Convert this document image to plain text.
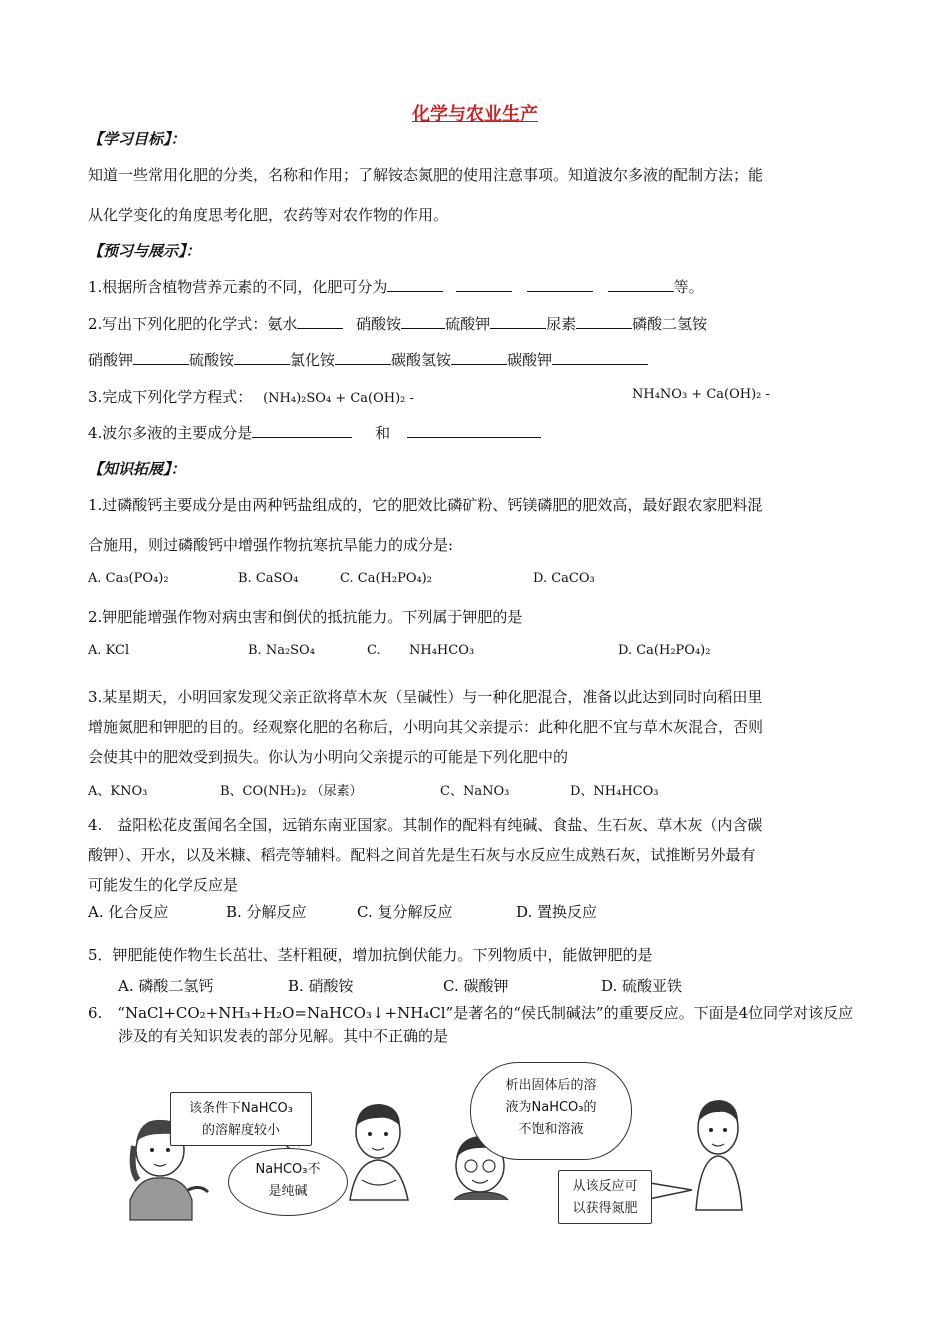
化学与农业生产
【学习目标】：
知道一些常用化肥的分类，名称和作用；了解铵态氮肥的使用注意事项。知道波尔多液的配制方法；能
从化学变化的角度思考化肥，农药等对农作物的作用。
【预习与展示】：
1.根据所含植物营养元素的不同，化肥可分为	等。
2.写出下列化肥的化学式：氨水	硝酸铵	硫酸钾	尿素	磷酸二氢铵
硝酸钾	硫酸铵	氯化铵	碳酸氢铵	碳酸钾
3.完成下列化学方程式： (NH₄)₂SO₄ + Ca(OH)₂ -	NH₄NO₃ + Ca(OH)₂ -
4.波尔多液的主要成分是	和
【知识拓展】：
1.过磷酸钙主要成分是由两种钙盐组成的，它的肥效比磷矿粉、钙镁磷肥的肥效高，最好跟农家肥料混
合施用，则过磷酸钙中增强作物抗寒抗旱能力的成分是:
A. Ca₃(PO₄)₂	B. CaSO₄	C. Ca(H₂PO₄)₂	D. CaCO₃
2.钾肥能增强作物对病虫害和倒伏的抵抗能力。下列属于钾肥的是
A. KCl	B. Na₂SO₄	C. NH₄HCO₃	D. Ca(H₂PO₄)₂
3.某星期天，小明回家发现父亲正欲将草木灰（呈碱性）与一种化肥混合，准备以此达到同时向稻田里
增施氮肥和钾肥的目的。经观察化肥的名称后，小明向其父亲提示：此种化肥不宜与草木灰混合，否则
会使其中的肥效受到损失。你认为小明向父亲提示的可能是下列化肥中的
A、KNO₃	B、CO(NH₂)₂ （尿素）	C、NaNO₃	D、NH₄HCO₃
4.　益阳松花皮蛋闻名全国，远销东南亚国家。其制作的配料有纯碱、食盐、生石灰、草木灰（内含碳
酸钾）、开水，以及米糠、稻壳等辅料。配料之间首先是生石灰与水反应生成熟石灰，试推断另外最有
可能发生的化学反应是
A. 化合反应	B. 分解反应	C. 复分解反应	D. 置换反应
5．钾肥能使作物生长茁壮、茎杆粗硬，增加抗倒伏能力。下列物质中，能做钾肥的是
A. 磷酸二氢钙	B. 硝酸铵	C. 碳酸钾	D. 硫酸亚铁
6.　“NaCl+CO₂+NH₃+H₂O=NaHCO₃↓+NH₄Cl”是著名的“侯氏制碱法”的重要反应。下面是4位同学对该反应
涉及的有关知识发表的部分见解。其中不正确的是
该条件下NaHCO₃
的溶解度较小
NaHCO₃不
是纯碱
析出固体后的溶
液为NaHCO₃的
不饱和溶液
从该反应可
以获得氮肥
